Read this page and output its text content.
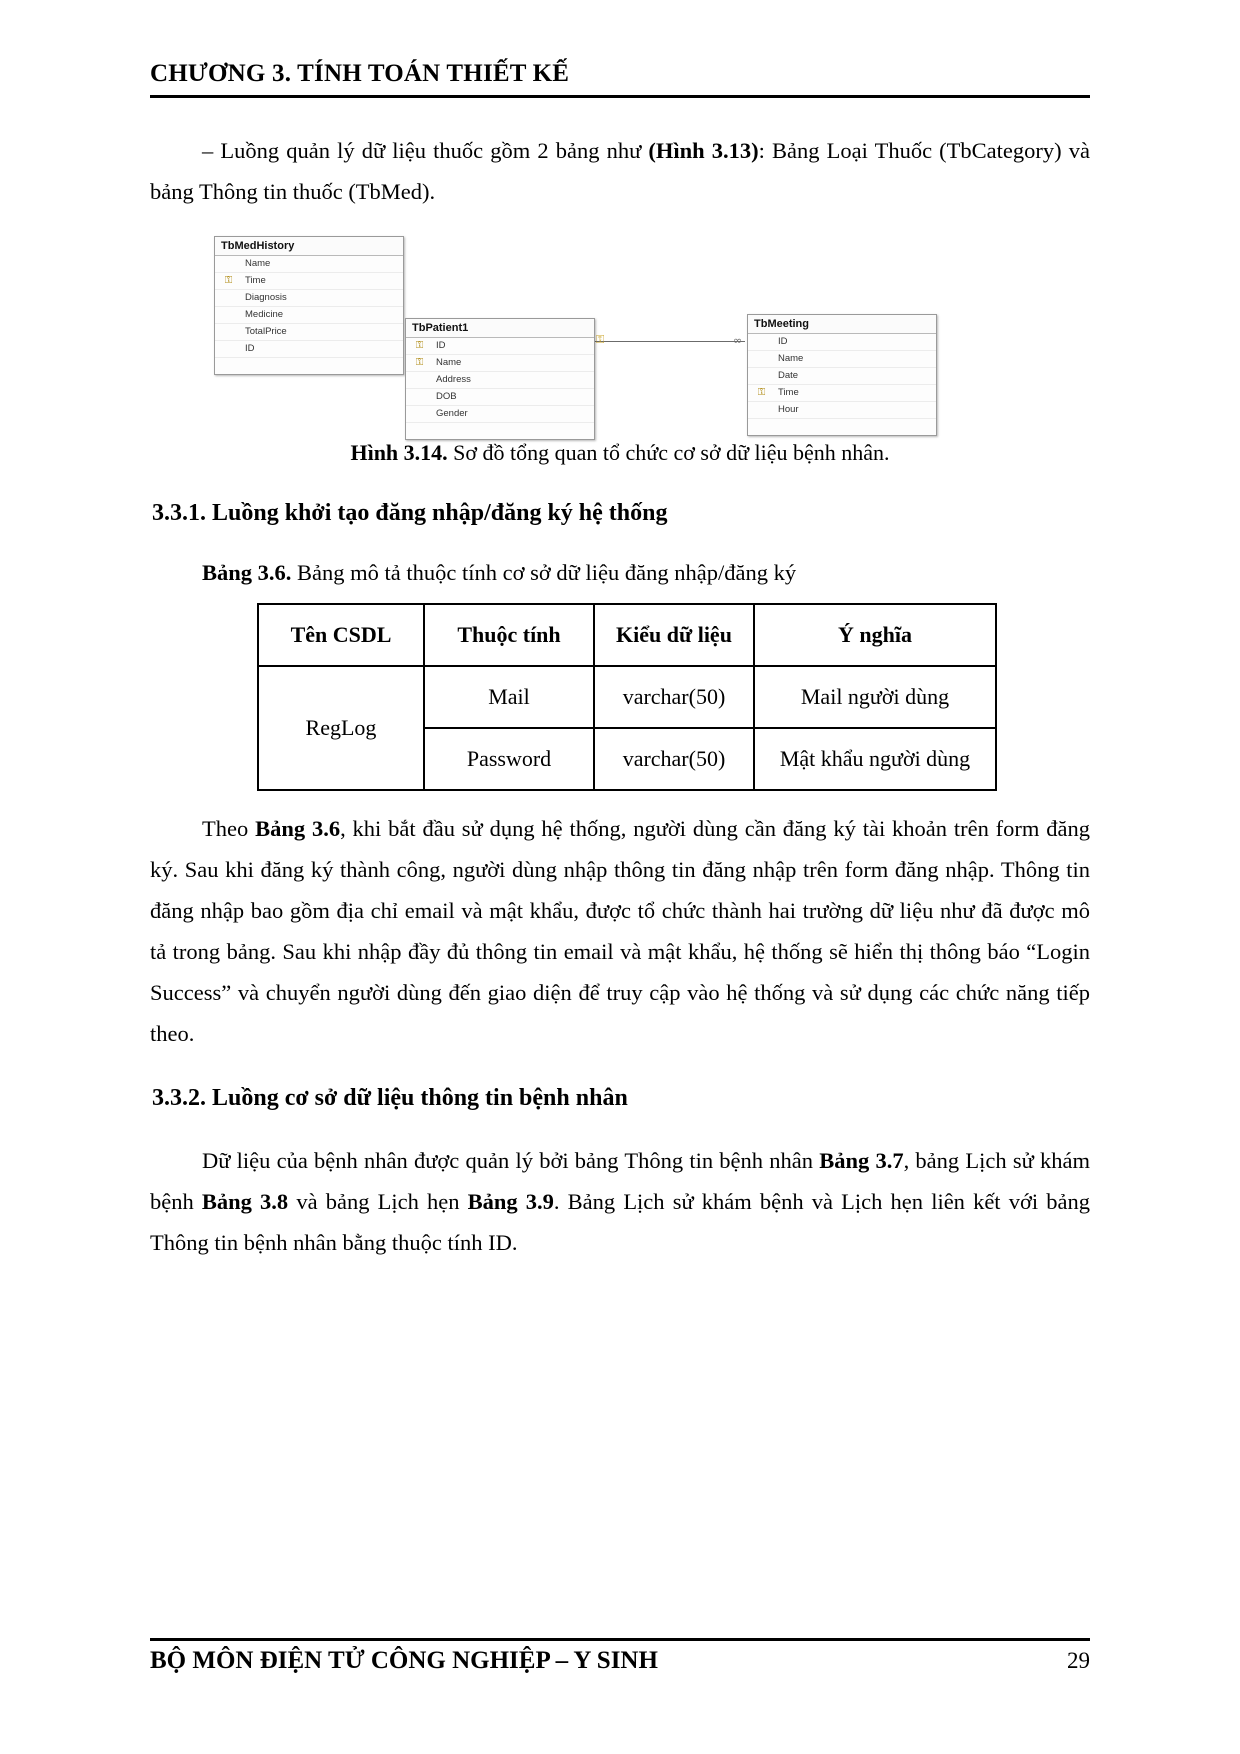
CHƯƠNG 3. TÍNH TOÁN THIẾT KẾ
– Luồng quản lý dữ liệu thuốc gồm 2 bảng như (Hình 3.13): Bảng Loại Thuốc (TbCategory) và bảng Thông tin thuốc (TbMed).
⚿	∞
TbMedHistory
Name
⚿ Time
Diagnosis
Medicine
TotalPrice
ID
TbPatient1
⚿ ID
⚿ Name
Address
DOB
Gender
TbMeeting
ID
Name
Date
⚿ Time
Hour
Hình 3.14. Sơ đồ tổng quan tổ chức cơ sở dữ liệu bệnh nhân.
3.3.1. Luồng khởi tạo đăng nhập/đăng ký hệ thống
Bảng 3.6. Bảng mô tả thuộc tính cơ sở dữ liệu đăng nhập/đăng ký
Tên CSDL	Thuộc tính	Kiểu dữ liệu	Ý nghĩa
RegLog	Mail	varchar(50)	Mail người dùng
	Password	varchar(50)	Mật khẩu người dùng
Theo Bảng 3.6, khi bắt đầu sử dụng hệ thống, người dùng cần đăng ký tài khoản trên form đăng ký. Sau khi đăng ký thành công, người dùng nhập thông tin đăng nhập trên form đăng nhập. Thông tin đăng nhập bao gồm địa chỉ email và mật khẩu, được tổ chức thành hai trường dữ liệu như đã được mô tả trong bảng. Sau khi nhập đầy đủ thông tin email và mật khẩu, hệ thống sẽ hiển thị thông báo “Login Success” và chuyển người dùng đến giao diện để truy cập vào hệ thống và sử dụng các chức năng tiếp theo.
3.3.2. Luồng cơ sở dữ liệu thông tin bệnh nhân
Dữ liệu của bệnh nhân được quản lý bởi bảng Thông tin bệnh nhân Bảng 3.7, bảng Lịch sử khám bệnh Bảng 3.8 và bảng Lịch hẹn Bảng 3.9. Bảng Lịch sử khám bệnh và Lịch hẹn liên kết với bảng Thông tin bệnh nhân bằng thuộc tính ID.
BỘ MÔN ĐIỆN TỬ CÔNG NGHIỆP – Y SINH	29
